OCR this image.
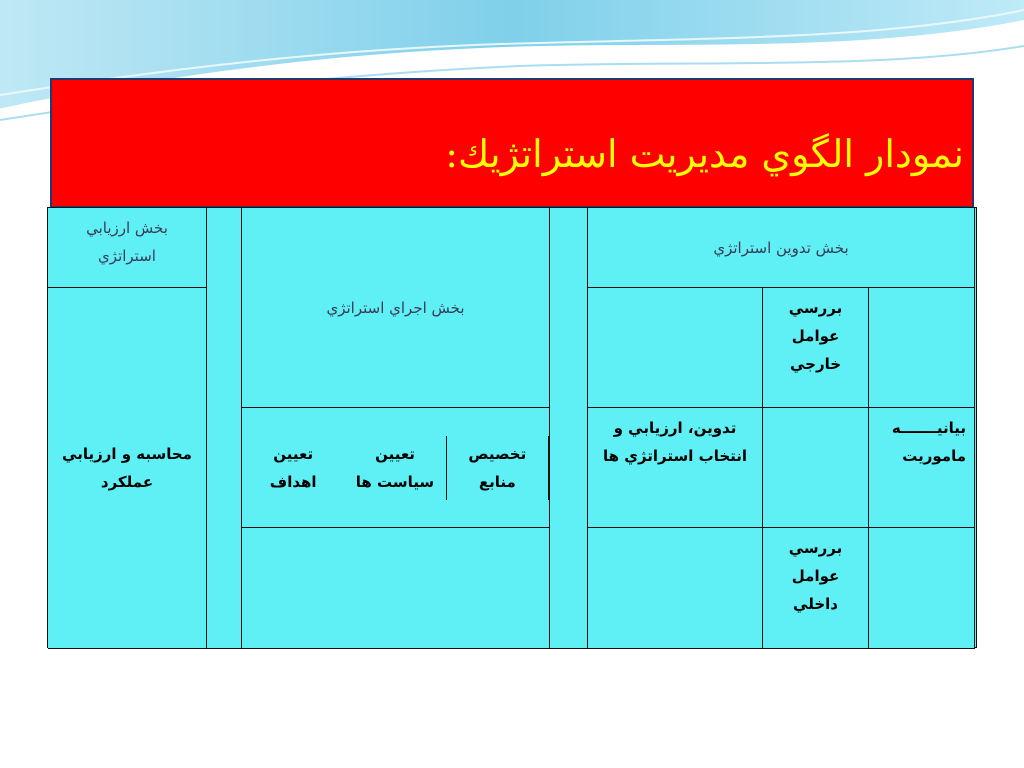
نمودار الگوي مديريت استراتژيك:
بخش ارزيابي استراتژي
محاسبه و ارزيابي عملكرد
بخش اجراي استراتژي
تخصيص منابع
تعيين سياست ها
تعيين اهداف
بخش تدوين استراتژي
بررسي عوامل خارجي
تدوين، ارزيابي و انتخاب استراتژي ها
بيانيـــــــه ماموريت
بررسي عوامل داخلي
